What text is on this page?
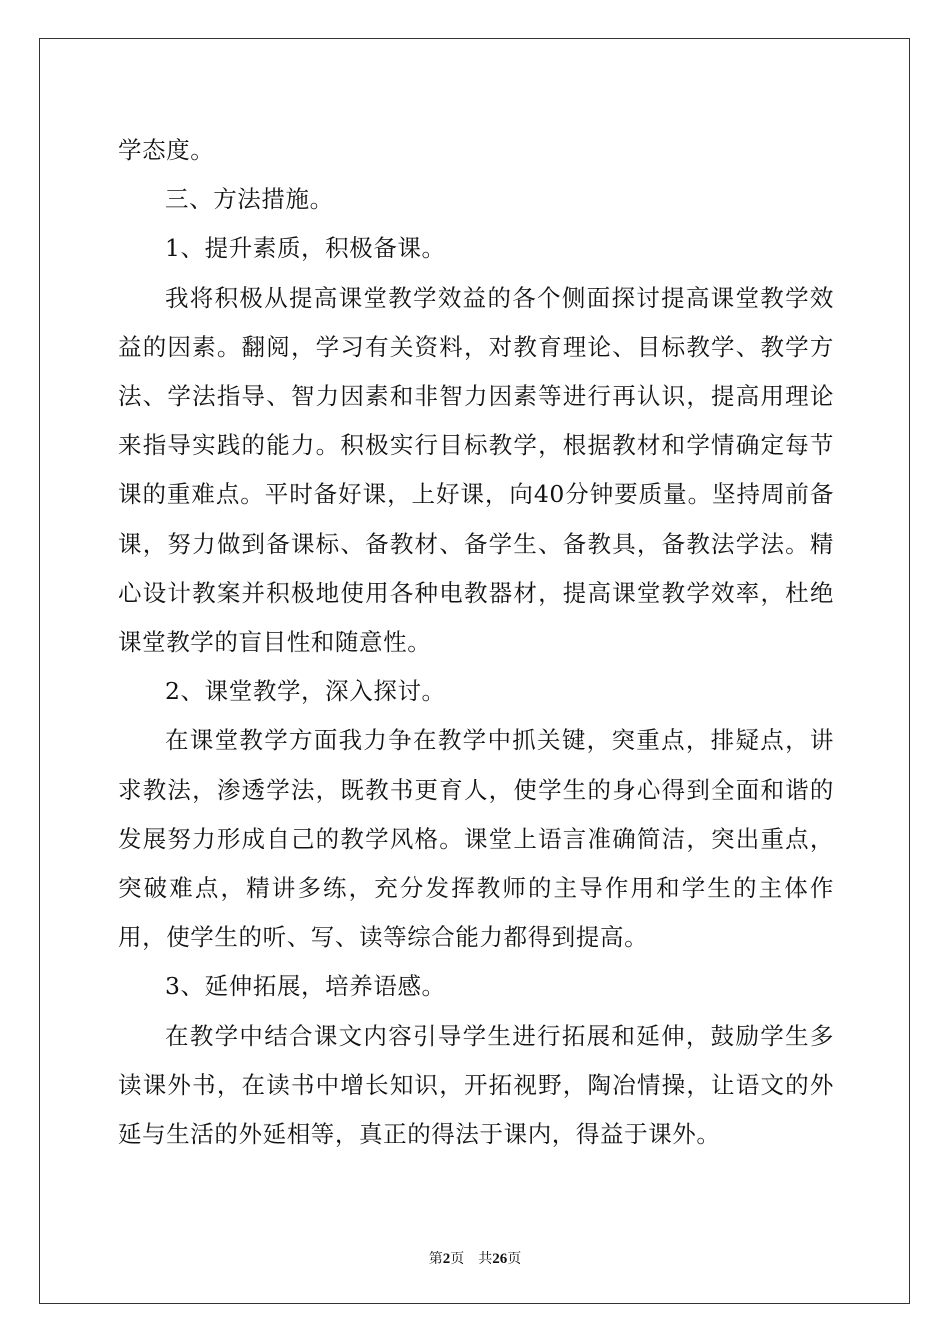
学态度。

三、方法措施。

1、提升素质，积极备课。

我将积极从提高课堂教学效益的各个侧面探讨提高课堂教学效益的因素。翻阅，学习有关资料，对教育理论、目标教学、教学方法、学法指导、智力因素和非智力因素等进行再认识，提高用理论来指导实践的能力。积极实行目标教学，根据教材和学情确定每节课的重难点。平时备好课，上好课，向40分钟要质量。坚持周前备课，努力做到备课标、备教材、备学生、备教具，备教法学法。精心设计教案并积极地使用各种电教器材，提高课堂教学效率，杜绝课堂教学的盲目性和随意性。

2、课堂教学，深入探讨。

在课堂教学方面我力争在教学中抓关键，突重点，排疑点，讲求教法，渗透学法，既教书更育人，使学生的身心得到全面和谐的发展努力形成自己的教学风格。课堂上语言准确简洁，突出重点，突破难点，精讲多练，充分发挥教师的主导作用和学生的主体作用，使学生的听、写、读等综合能力都得到提高。

3、延伸拓展，培养语感。

在教学中结合课文内容引导学生进行拓展和延伸，鼓励学生多读课外书，在读书中增长知识，开拓视野，陶冶情操，让语文的外延与生活的外延相等，真正的得法于课内，得益于课外。

第2页 共26页
